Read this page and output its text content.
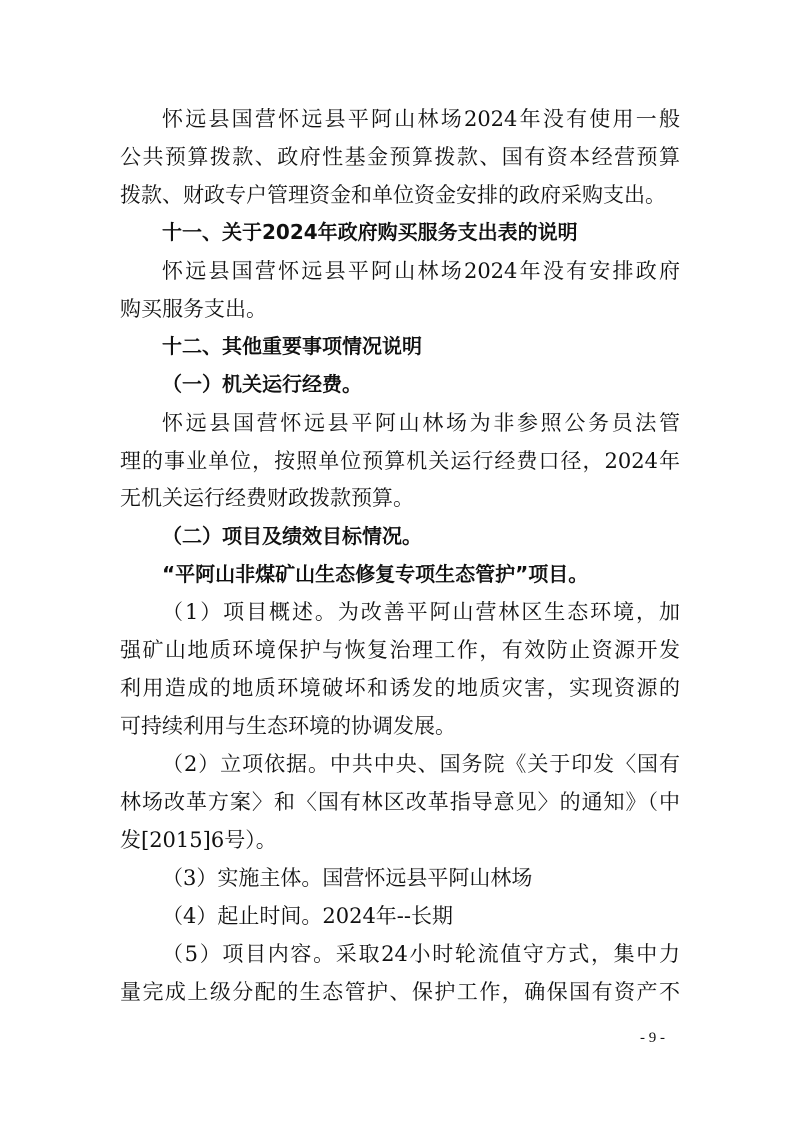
怀远县国营怀远县平阿山林场2024年没有使用一般
公共预算拨款、政府性基金预算拨款、国有资本经营预算
拨款、财政专户管理资金和单位资金安排的政府采购支出。
十一、关于2024年政府购买服务支出表的说明
怀远县国营怀远县平阿山林场2024年没有安排政府
购买服务支出。
十二、其他重要事项情况说明
（一）机关运行经费。
怀远县国营怀远县平阿山林场为非参照公务员法管
理的事业单位，按照单位预算机关运行经费口径，2024年
无机关运行经费财政拨款预算。
（二）项目及绩效目标情况。
“平阿山非煤矿山生态修复专项生态管护”项目。
（1）项目概述。为改善平阿山营林区生态环境，加
强矿山地质环境保护与恢复治理工作，有效防止资源开发
利用造成的地质环境破坏和诱发的地质灾害，实现资源的
可持续利用与生态环境的协调发展。
（2）立项依据。中共中央、国务院《关于印发〈国有
林场改革方案〉和〈国有林区改革指导意见〉的通知》（中
发[2015]6号）。
（3）实施主体。国营怀远县平阿山林场
（4）起止时间。2024年--长期
（5）项目内容。采取24小时轮流值守方式，集中力
量完成上级分配的生态管护、保护工作，确保国有资产不
- 9 -
